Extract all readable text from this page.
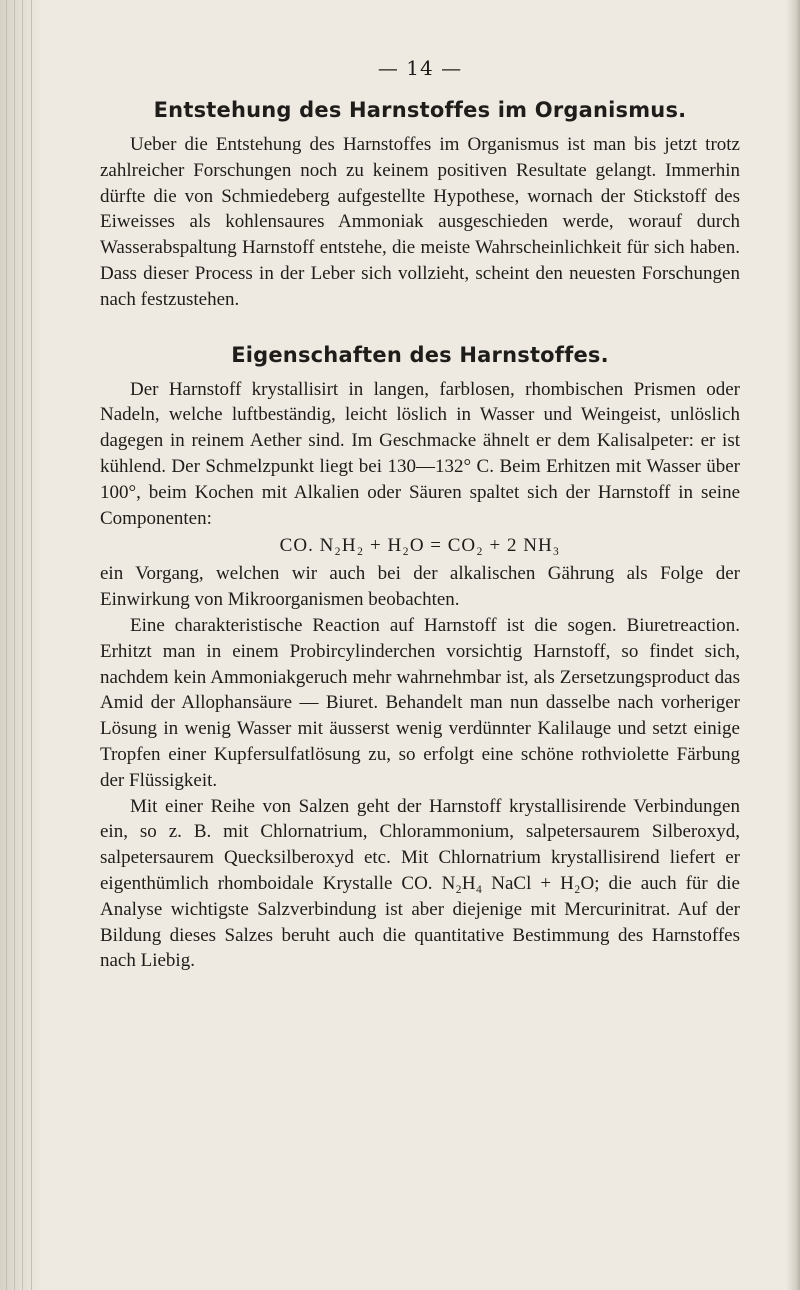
— 14 —
Entstehung des Harnstoffes im Organismus.

Ueber die Entstehung des Harnstoffes im Organismus ist man bis jetzt trotz zahlreicher Forschungen noch zu keinem positiven Resultate gelangt. Immerhin dürfte die von Schmiedeberg aufgestellte Hypothese, wornach der Stickstoff des Eiweisses als kohlensaures Ammoniak ausgeschieden werde, worauf durch Wasserabspaltung Harnstoff entstehe, die meiste Wahrscheinlichkeit für sich haben. Dass dieser Process in der Leber sich vollzieht, scheint den neuesten Forschungen nach festzustehen.

Eigenschaften des Harnstoffes.

Der Harnstoff krystallisirt in langen, farblosen, rhombischen Prismen oder Nadeln, welche luftbeständig, leicht löslich in Wasser und Weingeist, unlöslich dagegen in reinem Aether sind. Im Geschmacke ähnelt er dem Kalisalpeter: er ist kühlend. Der Schmelzpunkt liegt bei 130—132° C. Beim Erhitzen mit Wasser über 100°, beim Kochen mit Alkalien oder Säuren spaltet sich der Harnstoff in seine Componenten:

CO. N₂H₂ + H₂O = CO₂ + 2 NH₃

ein Vorgang, welchen wir auch bei der alkalischen Gährung als Folge der Einwirkung von Mikroorganismen beobachten.

Eine charakteristische Reaction auf Harnstoff ist die sogen. Biuretreaction. Erhitzt man in einem Probircylinderchen vorsichtig Harnstoff, so findet sich, nachdem kein Ammoniakgeruch mehr wahrnehmbar ist, als Zersetzungsproduct das Amid der Allophansäure — Biuret. Behandelt man nun dasselbe nach vorheriger Lösung in wenig Wasser mit äusserst wenig verdünnter Kalilauge und setzt einige Tropfen einer Kupfersulfatlösung zu, so erfolgt eine schöne rothviolette Färbung der Flüssigkeit.

Mit einer Reihe von Salzen geht der Harnstoff krystallisirende Verbindungen ein, so z. B. mit Chlornatrium, Chlorammonium, salpetersaurem Silberoxyd, salpetersaurem Quecksilberoxyd etc. Mit Chlornatrium krystallisirend liefert er eigenthümlich rhomboidale Krystalle CO. N₂H₄ NaCl + H₂O; die auch für die Analyse wichtigste Salzverbindung ist aber diejenige mit Mercurinitrat. Auf der Bildung dieses Salzes beruht auch die quantitative Bestimmung des Harnstoffes nach Liebig.
